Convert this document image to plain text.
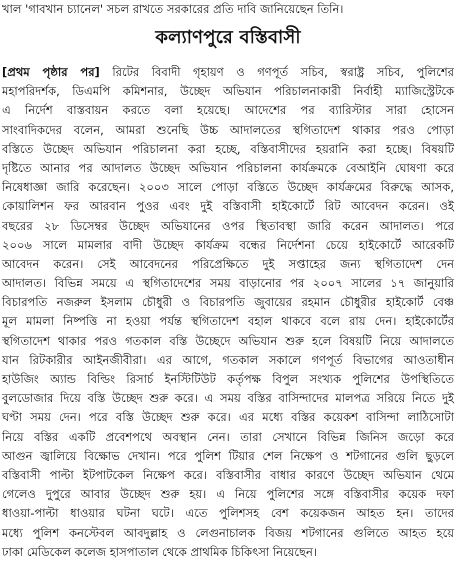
খাল 'গাবখান চ্যানেল' সচল রাখতে সরকারের প্রতি দাবি জানিয়েছেন তিনি।
কল্যাণপুরে বস্তিবাসী
[প্রথম পৃষ্ঠার পর] রিটের বিবাদী গৃহায়ণ ও গণপূর্ত সচিব, স্বরাষ্ট্র সচিব, পুলিশের
মহাপরিদর্শক, ডিএমপি কমিশনার, উচ্ছেদ অভিযান পরিচালনাকারী নির্বাহী ম্যাজিস্ট্রেটকে
এ নির্দেশ বাস্তবায়ন করতে বলা হয়েছে। আদেশের পর ব্যারিস্টার সারা হোসেন
সাংবাদিকদের বলেন, আমরা শুনেছি উচ্চ আদালতের স্থগিতাদেশ থাকার পরও পোড়া
বস্তিতে উচ্ছেদ অভিযান পরিচালনা করা হচ্ছে, বস্তিবাসীদের হয়রানি করা হচ্ছে। বিষয়টি
দৃষ্টিতে আনার পর আদালত উচ্ছেদ অভিযান পরিচালনা কার্যক্রমকে বেআইনি ঘোষণা করে
নিষেধাজ্ঞা জারি করেছেন। ২০০৩ সালে পোড়া বস্তিতে উচ্ছেদ কার্যক্রমের বিরুদ্ধে আসক,
কোয়ালিশন ফর আরবান পুওর এবং দুই বস্তিবাসী হাইকোর্টে রিট আবেদন করেন। ওই
বছরের ২৮ ডিসেম্বর উচ্ছেদ অভিযানের ওপর স্থিতাবস্থা জারি করেন আদালত। পরে
২০০৬ সালে মামলার বাদী উচ্ছেদ কার্যক্রম বন্ধের নির্দেশনা চেয়ে হাইকোর্টে আরেকটি
আবেদন করেন। সেই আবেদনের পরিপ্রেক্ষিতে দুই সপ্তাহের জন্য স্থগিতাদেশ দেন
আদালত। বিভিন্ন সময়ে এ স্থগিতাদেশের সময় বাড়ানোর পর ২০০৭ সালের ১৭ জানুয়ারি
বিচারপতি নজরুল ইসলাম চৌধুরী ও বিচারপতি জুবায়ের রহমান চৌধুরীর হাইকোর্ট বেঞ্চ
মূল মামলা নিষ্পত্তি না হওয়া পর্যন্ত স্থগিতাদেশ বহাল থাকবে বলে রায় দেন। হাইকোর্টের
স্থগিতাদেশ থাকার পরও গতকাল বস্তি উচ্ছেদে অভিযান শুরু হলে বিষয়টি নিয়ে আদালতে
যান রিটকারীর আইনজীবীরা। এর আগে, গতকাল সকালে গণপূর্ত বিভাগের আওতাধীন
হাউজিং অ্যান্ড বিল্ডিং রিসার্চ ইনস্টিটিউট কর্তৃপক্ষ বিপুল সংখ্যক পুলিশের উপস্থিতিতে
বুলডোজার দিয়ে বস্তি উচ্ছেদ শুরু করে। এ সময় বস্তির বাসিন্দাদের মালপত্র সরিয়ে নিতে দুই
ঘণ্টা সময় দেন। পরে বস্তি উচ্ছেদ শুরু করে। এর মধ্যে বস্তির কয়েকশ বাসিন্দা লাঠিসোটা
নিয়ে বস্তির একটি প্রবেশপথে অবস্থান নেন। তারা সেখানে বিভিন্ন জিনিস জড়ো করে
আগুন জ্বালিয়ে বিক্ষোভ দেখান। পরে পুলিশ টিয়ার শেল নিক্ষেপ ও শটগানের গুলি ছুড়লে
বস্তিবাসী পাল্টা ইটপাটকেল নিক্ষেপ করে। বস্তিবাসীর বাধার কারণে উচ্ছেদ অভিযান থেমে
গেলেও দুপুরে আবার উচ্ছেদ শুরু হয়। এ নিয়ে পুলিশের সঙ্গে বস্তিবাসীর কয়েক দফা
ধাওয়া-পাল্টা ধাওয়ার ঘটনা ঘটে। এতে পুলিশসহ বেশ কয়েকজন আহত হন। তাদের
মধ্যে পুলিশ কনস্টেবল আবদুল্লাহ ও লেগুনাচালক বিজয় শটগানের গুলিতে আহত হয়ে
ঢাকা মেডিকেল কলেজ হাসপাতাল থেকে প্রাথমিক চিকিৎসা নিয়েছেন।
